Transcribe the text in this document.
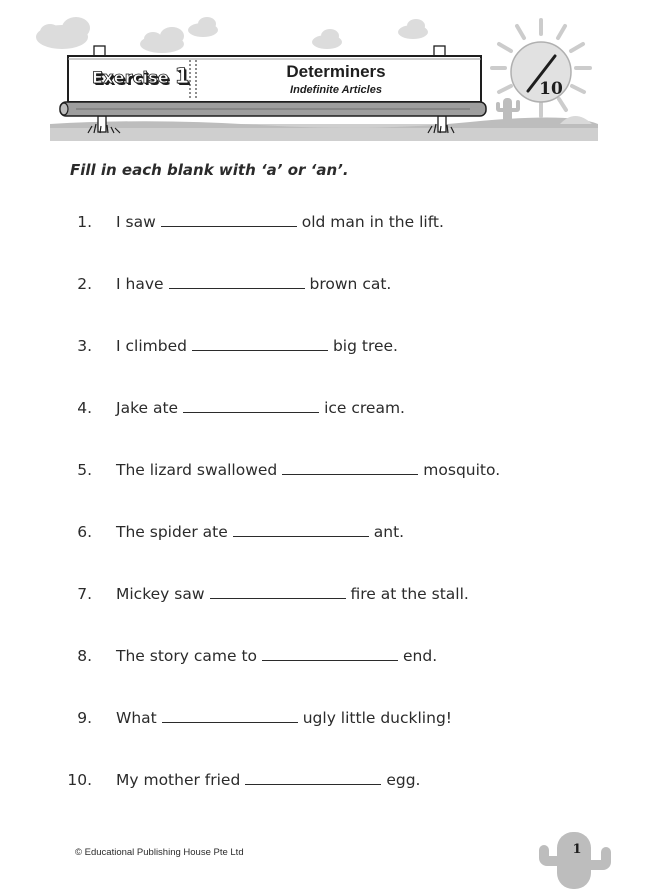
Exercise 1	Determiners
Indefinite Articles	10
Fill in each blank with ‘a’ or ‘an’.
1. I saw	old man in the lift.
2. I have	brown cat.
3. I climbed	big tree.
4. Jake ate	ice cream.
5. The lizard swallowed	mosquito.
6. The spider ate	ant.
7. Mickey saw	fire at the stall.
8. The story came to	end.
9. What	ugly little duckling!
10. My mother fried	egg.
© Educational Publishing House Pte Ltd	1
